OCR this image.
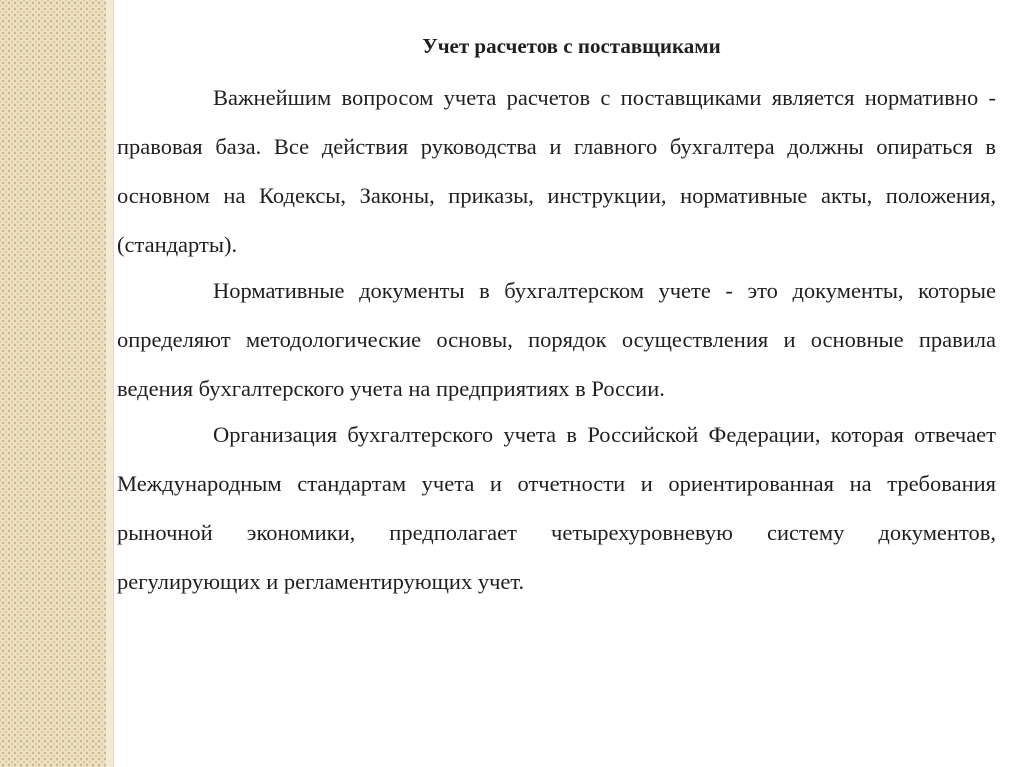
Учет расчетов с поставщиками

Важнейшим вопросом учета расчетов с поставщиками является нормативно - правовая база. Все действия руководства и главного бухгалтера должны опираться в основном на Кодексы, Законы, приказы, инструкции, нормативные акты, положения, (стандарты).

Нормативные документы в бухгалтерском учете - это документы, которые определяют методологические основы, порядок осуществления и основные правила ведения бухгалтерского учета на предприятиях в России.

Организация бухгалтерского учета в Российской Федерации, которая отвечает Международным стандартам учета и отчетности и ориентированная на требования рыночной экономики, предполагает четырехуровневую систему документов, регулирующих и регламентирующих учет.
